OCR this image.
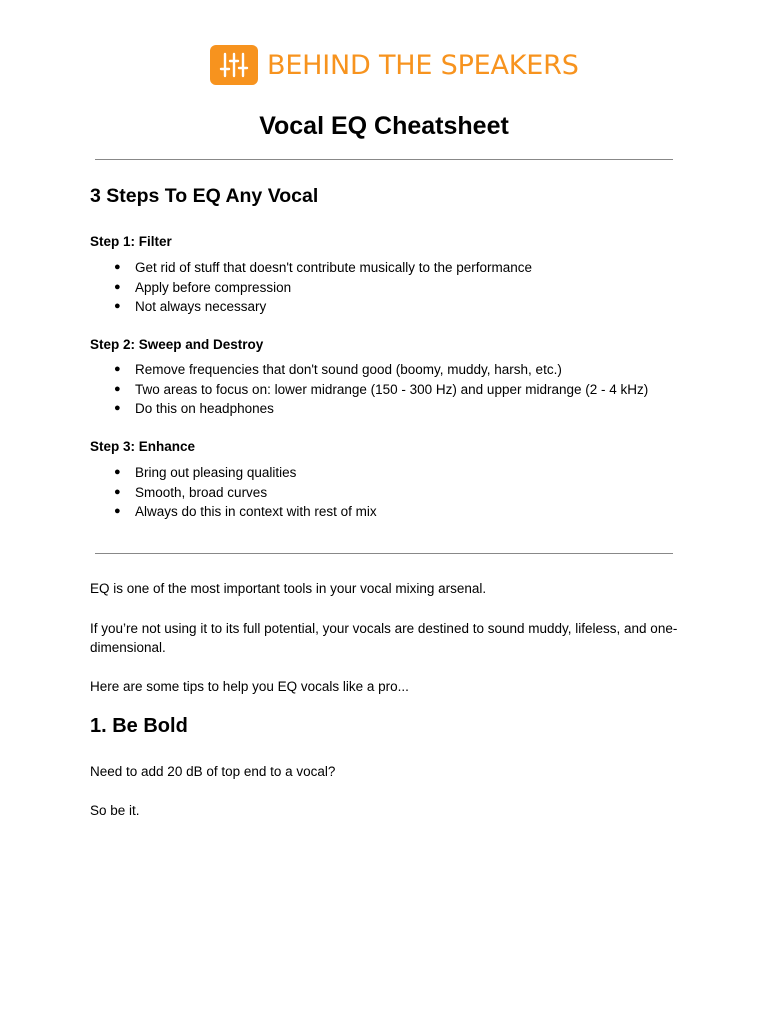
BEHIND THE SPEAKERS
Vocal EQ Cheatsheet
3 Steps To EQ Any Vocal

Step 1: Filter

● Get rid of stuff that doesn't contribute musically to the performance
● Apply before compression
● Not always necessary

Step 2: Sweep and Destroy

● Remove frequencies that don't sound good (boomy, muddy, harsh, etc.)
● Two areas to focus on: lower midrange (150 - 300 Hz) and upper midrange (2 - 4 kHz)
● Do this on headphones

Step 3: Enhance

● Bring out pleasing qualities
● Smooth, broad curves
● Always do this in context with rest of mix

EQ is one of the most important tools in your vocal mixing arsenal.

If you’re not using it to its full potential, your vocals are destined to sound muddy, lifeless, and one-dimensional.

Here are some tips to help you EQ vocals like a pro...

1. Be Bold

Need to add 20 dB of top end to a vocal?

So be it.
